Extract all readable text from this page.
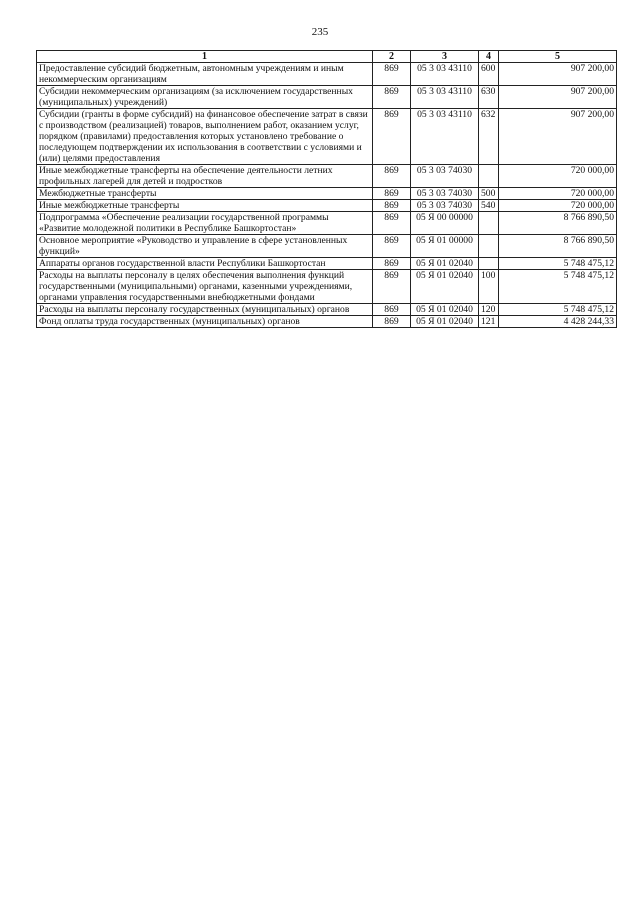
235
1	2	3	4	5
Предоставление субсидий бюджетным, автономным учреждениям и иным некоммерческим организациям	869	05 3 03 43110	600	907 200,00
Субсидии некоммерческим организациям (за исключением государственных (муниципальных) учреждений)	869	05 3 03 43110	630	907 200,00
Субсидии (гранты в форме субсидий) на финансовое обеспечение затрат в связи с производством (реализацией) товаров, выполнением работ, оказанием услуг, порядком (правилами) предоставления которых установлено требование о последующем подтверждении их использования в соответствии с условиями и (или) целями предоставления	869	05 3 03 43110	632	907 200,00
Иные межбюджетные трансферты на обеспечение деятельности летних профильных лагерей для детей и подростков	869	05 3 03 74030		720 000,00
Межбюджетные трансферты	869	05 3 03 74030	500	720 000,00
Иные межбюджетные трансферты	869	05 3 03 74030	540	720 000,00
Подпрограмма «Обеспечение реализации государственной программы «Развитие молодежной политики в Республике Башкортостан»	869	05 Я 00 00000		8 766 890,50
Основное мероприятие «Руководство и управление в сфере установленных функций»	869	05 Я 01 00000		8 766 890,50
Аппараты органов государственной власти Республики Башкортостан	869	05 Я 01 02040		5 748 475,12
Расходы на выплаты персоналу в целях обеспечения выполнения функций государственными (муниципальными) органами, казенными учреждениями, органами управления государственными внебюджетными фондами	869	05 Я 01 02040	100	5 748 475,12
Расходы на выплаты персоналу государственных (муниципальных) органов	869	05 Я 01 02040	120	5 748 475,12
Фонд оплаты труда государственных (муниципальных) органов	869	05 Я 01 02040	121	4 428 244,33
